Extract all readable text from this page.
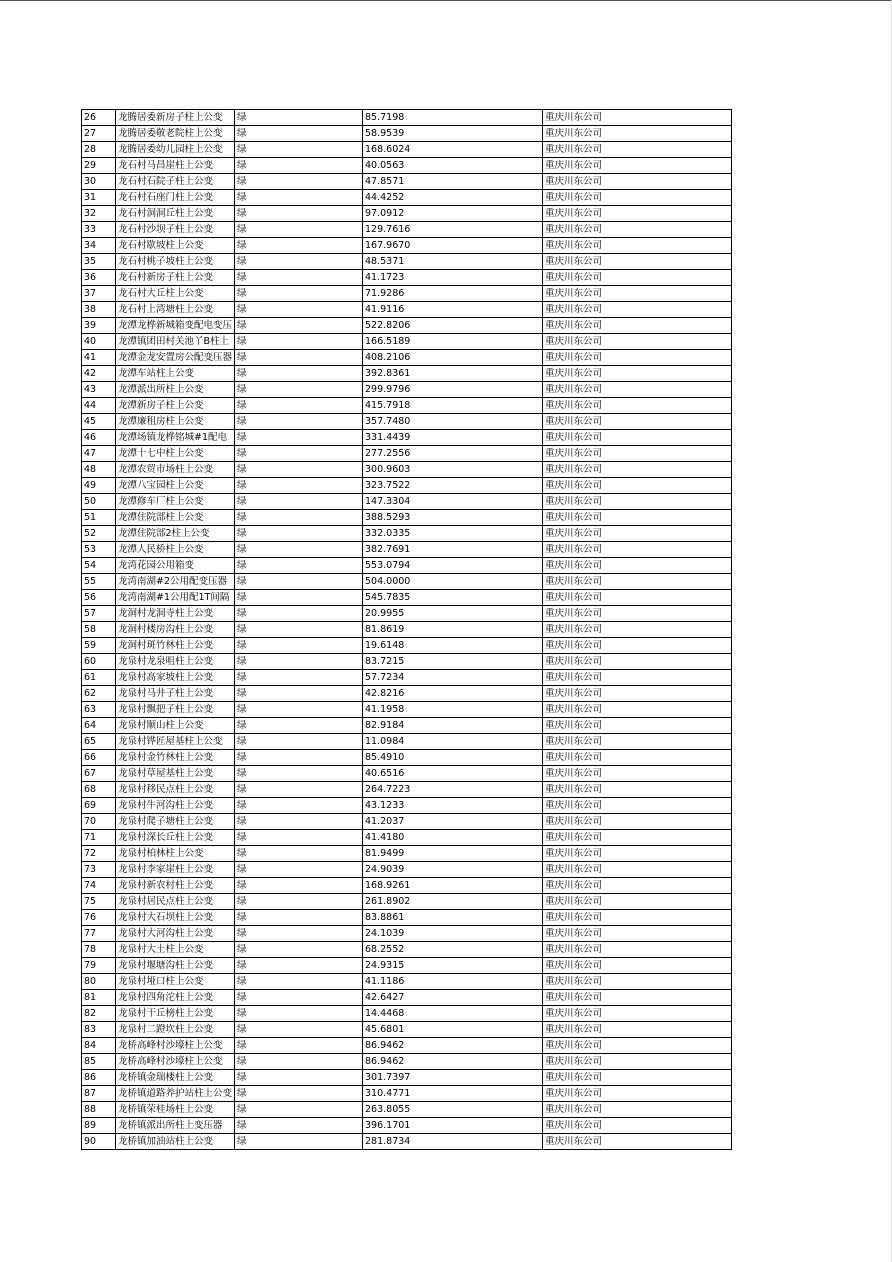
26	龙腾居委新房子柱上公变	绿	85.7198	重庆川东公司
27	龙腾居委敬老院柱上公变	绿	58.9539	重庆川东公司
28	龙腾居委幼儿园柱上公变	绿	168.6024	重庆川东公司
29	龙石村马昌崖柱上公变	绿	40.0563	重庆川东公司
30	龙石村石院子柱上公变	绿	47.8571	重庆川东公司
31	龙石村石座门柱上公变	绿	44.4252	重庆川东公司
32	龙石村洞洞丘柱上公变	绿	97.0912	重庆川东公司
33	龙石村沙坝子柱上公变	绿	129.7616	重庆川东公司
34	龙石村歇坡柱上公变	绿	167.9670	重庆川东公司
35	龙石村桃子坡柱上公变	绿	48.5371	重庆川东公司
36	龙石村新房子柱上公变	绿	41.1723	重庆川东公司
37	龙石村大丘柱上公变	绿	71.9286	重庆川东公司
38	龙石村上湾塘柱上公变	绿	41.9116	重庆川东公司
39	龙潭龙桦新城箱变配电变压	绿	522.8206	重庆川东公司
40	龙潭镇团田村关池丫B柱上	绿	166.5189	重庆川东公司
41	龙潭金龙安置房公配变压器	绿	408.2106	重庆川东公司
42	龙潭车站柱上公变	绿	392.8361	重庆川东公司
43	龙潭派出所柱上公变	绿	299.9796	重庆川东公司
44	龙潭新房子柱上公变	绿	415.7918	重庆川东公司
45	龙潭廉租房柱上公变	绿	357.7480	重庆川东公司
46	龙潭场镇龙桦铭城#1配电	绿	331.4439	重庆川东公司
47	龙潭十七中柱上公变	绿	277.2556	重庆川东公司
48	龙潭农贸市场柱上公变	绿	300.9603	重庆川东公司
49	龙潭八宝园柱上公变	绿	323.7522	重庆川东公司
50	龙潭修车厂柱上公变	绿	147.3304	重庆川东公司
51	龙潭住院部柱上公变	绿	388.5293	重庆川东公司
52	龙潭住院部2柱上公变	绿	332.0335	重庆川东公司
53	龙潭人民桥柱上公变	绿	382.7691	重庆川东公司
54	龙湾花园公用箱变	绿	553.0794	重庆川东公司
55	龙湾南湖#2公用配变压器	绿	504.0000	重庆川东公司
56	龙湾南湖#1公用配1T间隔	绿	545.7835	重庆川东公司
57	龙洞村龙洞寺柱上公变	绿	20.9955	重庆川东公司
58	龙洞村楼房沟柱上公变	绿	81.8619	重庆川东公司
59	龙洞村斑竹林柱上公变	绿	19.6148	重庆川东公司
60	龙泉村龙泉咀柱上公变	绿	83.7215	重庆川东公司
61	龙泉村高家坡柱上公变	绿	57.7234	重庆川东公司
62	龙泉村马井子柱上公变	绿	42.8216	重庆川东公司
63	龙泉村飘把子柱上公变	绿	41.1958	重庆川东公司
64	龙泉村顺山柱上公变	绿	82.9184	重庆川东公司
65	龙泉村铧匠屋基柱上公变	绿	11.0984	重庆川东公司
66	龙泉村金竹林柱上公变	绿	85.4910	重庆川东公司
67	龙泉村草屋基柱上公变	绿	40.6516	重庆川东公司
68	龙泉村移民点柱上公变	绿	264.7223	重庆川东公司
69	龙泉村牛河沟柱上公变	绿	43.1233	重庆川东公司
70	龙泉村爬子塘柱上公变	绿	41.2037	重庆川东公司
71	龙泉村深长丘柱上公变	绿	41.4180	重庆川东公司
72	龙泉村柏林柱上公变	绿	81.9499	重庆川东公司
73	龙泉村李家崖柱上公变	绿	24.9039	重庆川东公司
74	龙泉村新农村柱上公变	绿	168.9261	重庆川东公司
75	龙泉村居民点柱上公变	绿	261.8902	重庆川东公司
76	龙泉村大石坝柱上公变	绿	83.8861	重庆川东公司
77	龙泉村大河沟柱上公变	绿	24.1039	重庆川东公司
78	龙泉村大土柱上公变	绿	68.2552	重庆川东公司
79	龙泉村堰塘沟柱上公变	绿	24.9315	重庆川东公司
80	龙泉村垭口柱上公变	绿	41.1186	重庆川东公司
81	龙泉村四角沱柱上公变	绿	42.6427	重庆川东公司
82	龙泉村干丘榜柱上公变	绿	14.4468	重庆川东公司
83	龙泉村二蹬坎柱上公变	绿	45.6801	重庆川东公司
84	龙桥高峰村沙壕柱上公变	绿	86.9462	重庆川东公司
85	龙桥高峰村沙壕柱上公变	绿	86.9462	重庆川东公司
86	龙桥镇金瑞楼柱上公变	绿	301.7397	重庆川东公司
87	龙桥镇道路养护站柱上公变	绿	310.4771	重庆川东公司
88	龙桥镇荣桂场柱上公变	绿	263.8055	重庆川东公司
89	龙桥镇派出所柱上变压器	绿	396.1701	重庆川东公司
90	龙桥镇加油站柱上公变	绿	281.8734	重庆川东公司
